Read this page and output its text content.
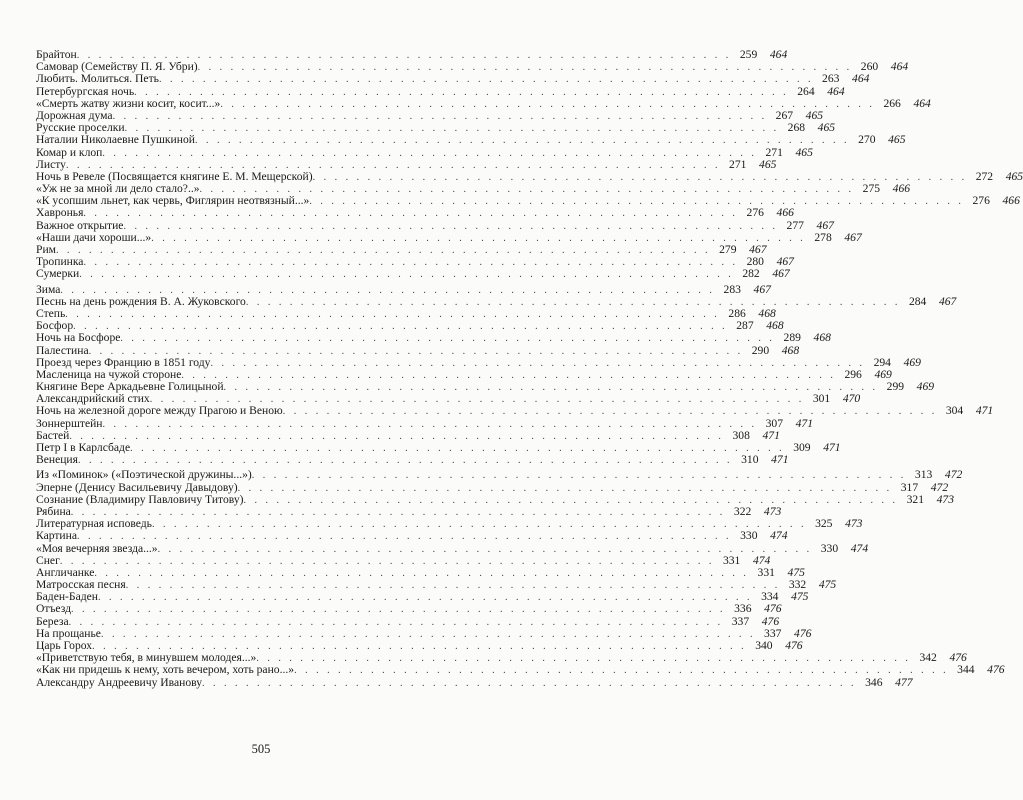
Брайтон . . .	259	464
Самовар (Семейству П. Я. Убри) . . .	260	464
Любить. Молиться. Петь . . .	263	464
Петербургская ночь . . .	264	464
«Смерть жатву жизни косит, косит...» . . .	266	464
Дорожная дума . . .	267	465
Русские проселки . . .	268	465
Наталии Николаевне Пушкиной . . .	270	465
Комар и клоп . . .	271	465
Листу . . .	271	465
Ночь в Ревеле (Посвящается княгине Е. М. Мещерской) . . .	272	465
«Уж не за мной ли дело стало?..» . . .	275	466
«К усопшим льнет, как червь, Фиглярин неотвязный...» . . .	276	466
Хавронья . . .	276	466
Важное открытие . . .	277	467
«Наши дачи хороши...» . . .	278	467
Рим . . .	279	467
Тропинка . . .	280	467
Сумерки . . .	282	467
Зима . . .	283	467
Песнь на день рождения В. А. Жуковского . . .	284	467
Степь . . .	286	468
Босфор . . .	287	468
Ночь на Босфоре . . .	289	468
Палестина . . .	290	468
Проезд через Францию в 1851 году . . .	294	469
Масленица на чужой стороне . . .	296	469
Княгине Вере Аркадьевне Голицыной . . .	299	469
Александрийский стих . . .	301	470
Ночь на железной дороге между Прагою и Веною . . .	304	471
Зоннерштейн . . .	307	471
Бастей . . .	308	471
Петр I в Карлсбаде . . .	309	471
Венеция . . .	310	471
Из «Поминок» («Поэтической дружины...») . . .	313	472
Эперне (Денису Васильевичу Давыдову) . . .	317	472
Сознание (Владимиру Павловичу Титову) . . .	321	473
Рябина . . .	322	473
Литературная исповедь . . .	325	473
Картина . . .	330	474
«Моя вечерняя звезда...» . . .	330	474
Снег . . .	331	474
Англичанке . . .	331	475
Матросская песня . . .	332	475
Баден-Баден . . .	334	475
Отъезд . . .	336	476
Береза . . .	337	476
На прощанье . . .	337	476
Царь Горох . . .	340	476
«Приветствую тебя, в минувшем молодея...» . . .	342	476
«Как ни придешь к нему, хоть вечером, хоть рано...» . . .	344	476
Александру Андреевичу Иванову . . .	346	477
505
